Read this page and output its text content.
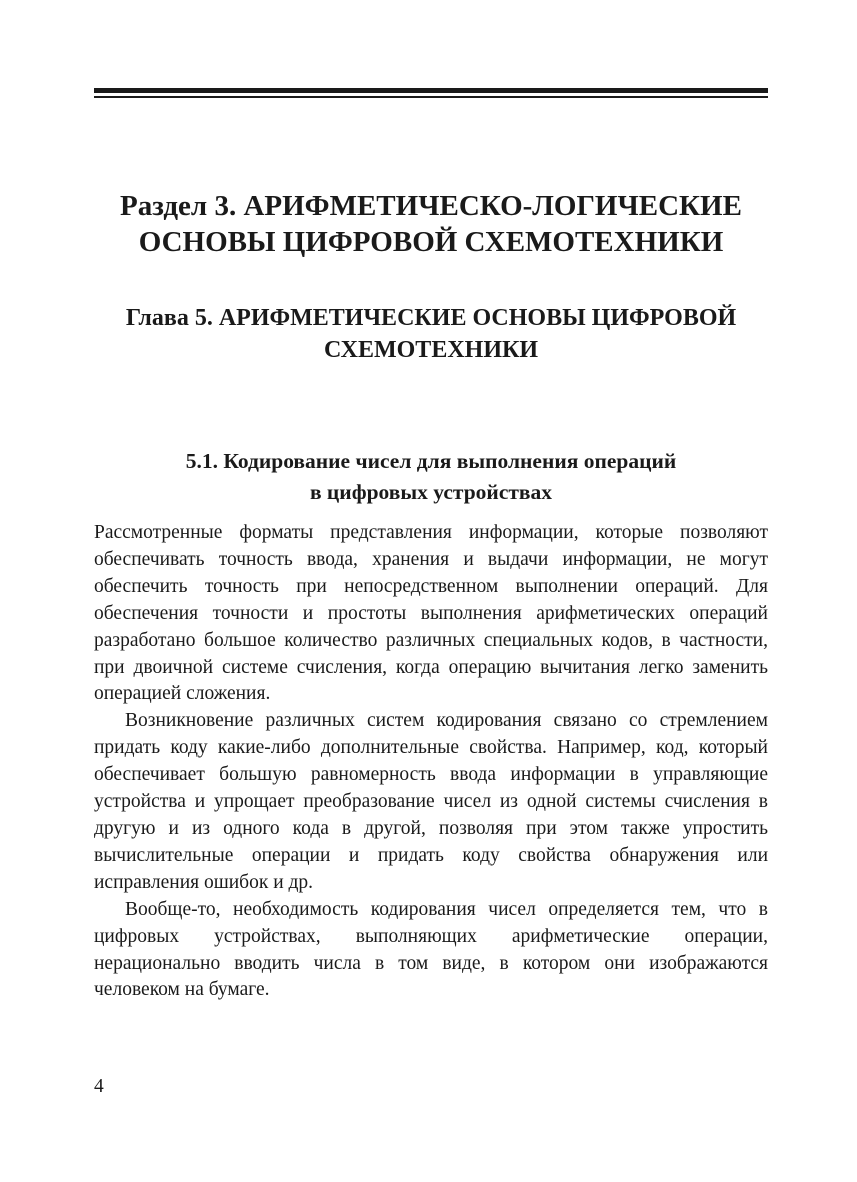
Раздел 3. АРИФМЕТИЧЕСКО-ЛОГИЧЕСКИЕ
ОСНОВЫ ЦИФРОВОЙ СХЕМОТЕХНИКИ
Глава 5. АРИФМЕТИЧЕСКИЕ ОСНОВЫ ЦИФРОВОЙ
СХЕМОТЕХНИКИ
5.1. Кодирование чисел для выполнения операций
в цифровых устройствах

Рассмотренные форматы представления информации, которые позволяют обеспечивать точность ввода, хранения и выдачи информации, не могут обеспечить точность при непосредственном выполнении операций. Для обеспечения точности и простоты выполнения арифметических операций разработано большое количество различных специальных кодов, в частности, при двоичной системе счисления, когда операцию вычитания легко заменить операцией сложения.

Возникновение различных систем кодирования связано со стремлением придать коду какие-либо дополнительные свойства. Например, код, который обеспечивает большую равномерность ввода информации в управляющие устройства и упрощает преобразование чисел из одной системы счисления в другую и из одного кода в другой, позволяя при этом также упростить вычислительные операции и придать коду свойства обнаружения или исправления ошибок и др.

Вообще-то, необходимость кодирования чисел определяется тем, что в цифровых устройствах, выполняющих арифметические операции, нерационально вводить числа в том виде, в котором они изображаются человеком на бумаге.

4
